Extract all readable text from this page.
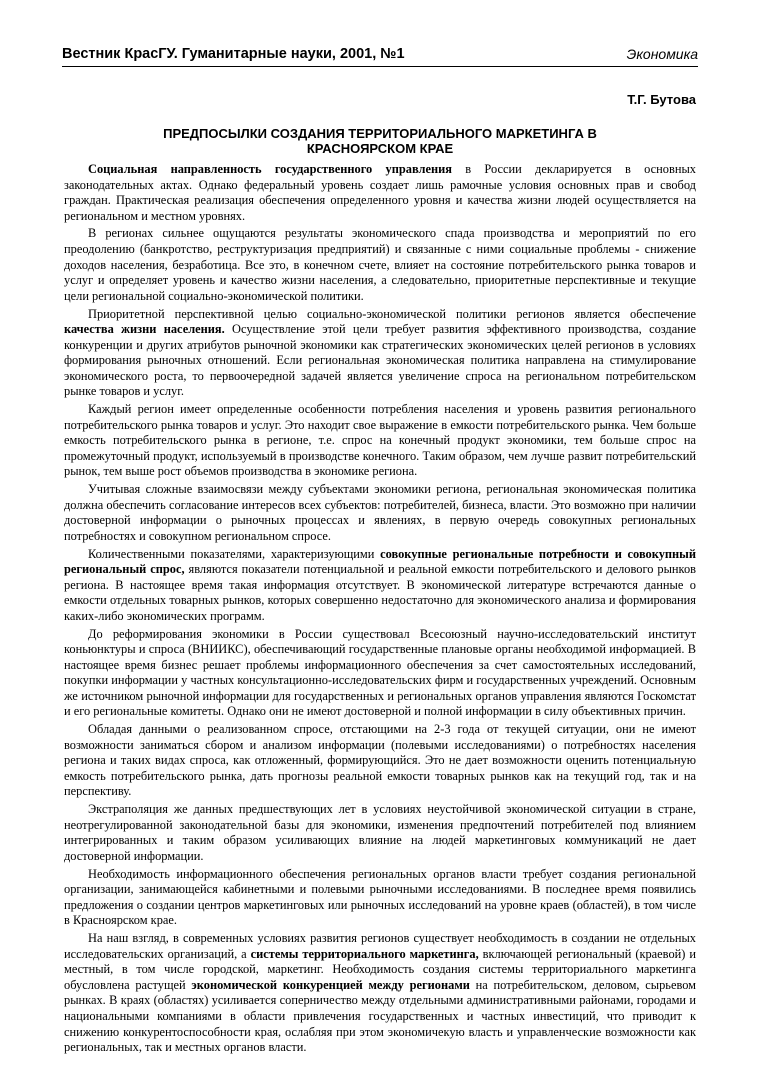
Вестник КрасГУ. Гуманитарные науки, 2001, №1	Экономика
Т.Г. Бутова
ПРЕДПОСЫЛКИ СОЗДАНИЯ ТЕРРИТОРИАЛЬНОГО МАРКЕТИНГА В
КРАСНОЯРСКОМ КРАЕ

Социальная направленность государственного управления в России декларируется в основных законодательных актах. Однако федеральный уровень создает лишь рамочные условия основных прав и свобод граждан. Практическая реализация обеспечения определенного уровня и качества жизни людей осуществляется на региональном и местном уровнях.

В регионах сильнее ощущаются результаты экономического спада производства и мероприятий по его преодолению (банкротство, реструктуризация предприятий) и связанные с ними социальные проблемы - снижение доходов населения, безработица. Все это, в конечном счете, влияет на состояние потребительского рынка товаров и услуг и определяет уровень и качество жизни населения, а следовательно, приоритетные перспективные и текущие цели региональной социально-экономической политики.

Приоритетной перспективной целью социально-экономической политики регионов является обеспечение качества жизни населения. Осуществление этой цели требует развития эффективного производства, создание конкуренции и других атрибутов рыночной экономики как стратегических экономических целей регионов в условиях формирования рыночных отношений. Если региональная экономическая политика направлена на стимулирование экономического роста, то первоочередной задачей является увеличение спроса на региональном потребительском рынке товаров и услуг.

Каждый регион имеет определенные особенности потребления населения и уровень развития регионального потребительского рынка товаров и услуг. Это находит свое выражение в емкости потребительского рынка. Чем больше емкость потребительского рынка в регионе, т.е. спрос на конечный продукт экономики, тем больше спрос на промежуточный продукт, используемый в производстве конечного. Таким образом, чем лучше развит потребительский рынок, тем выше рост объемов производства в экономике региона.

Учитывая сложные взаимосвязи между субъектами экономики региона, региональная экономическая политика должна обеспечить согласование интересов всех субъектов: потребителей, бизнеса, власти. Это возможно при наличии достоверной информации о рыночных процессах и явлениях, в первую очередь совокупных региональных потребностях и совокупном региональном спросе.

Количественными показателями, характеризующими совокупные региональные потребности и совокупный региональный спрос, являются показатели потенциальной и реальной емкости потребительского и делового рынков региона. В настоящее время такая информация отсутствует. В экономической литературе встречаются данные о емкости отдельных товарных рынков, которых совершенно недостаточно для экономического анализа и формирования каких-либо экономических программ.

До реформирования экономики в России существовал Всесоюзный научно-исследовательский институт коньюнктуры и спроса (ВНИИКС), обеспечивающий государственные плановые органы необходимой информацией. В настоящее время бизнес решает проблемы информационного обеспечения за счет самостоятельных исследований, покупки информации у частных консультационно-исследовательских фирм и государственных учреждений. Основным же источником рыночной информации для государственных и региональных органов управления являются Госкомстат и его региональные комитеты. Однако они не имеют достоверной и полной информации в силу объективных причин.

Обладая данными о реализованном спросе, отстающими на 2-3 года от текущей ситуации, они не имеют возможности заниматься сбором и анализом информации (полевыми исследованиями) о потребностях населения региона и таких видах спроса, как отложенный, формирующийся. Это не дает возможности оценить потенциальную емкость потребительского рынка, дать прогнозы реальной емкости товарных рынков как на текущий год, так и на перспективу.

Экстраполяция же данных предшествующих лет в условиях неустойчивой экономической ситуации в стране, неотрегулированной законодательной базы для экономики, изменения предпочтений потребителей под влиянием интегрированных и таким образом усиливающих влияние на людей маркетинговых коммуникаций не дает достоверной информации.

Необходимость информационного обеспечения региональных органов власти требует создания региональной организации, занимающейся кабинетными и полевыми рыночными исследованиями. В последнее время появились предложения о создании центров маркетинговых или рыночных исследований на уровне краев (областей), в том числе в Красноярском крае.

На наш взгляд, в современных условиях развития регионов существует необходимость в создании не отдельных исследовательских организаций, а системы территориального маркетинга, включающей региональный (краевой) и местный, в том числе городской, маркетинг. Необходимость создания системы территориального маркетинга обусловлена растущей экономической конкуренцией между регионами на потребительском, деловом, сырьевом рынках. В краях (областях) усиливается соперничество между отдельными административными районами, городами и национальными компаниями в области привлечения государственных и частных инвестиций, что приводит к снижению конкурентоспособности края, ослабляя при этом экономичекую власть и управленческие возможности как региональных, так и местных органов власти.
